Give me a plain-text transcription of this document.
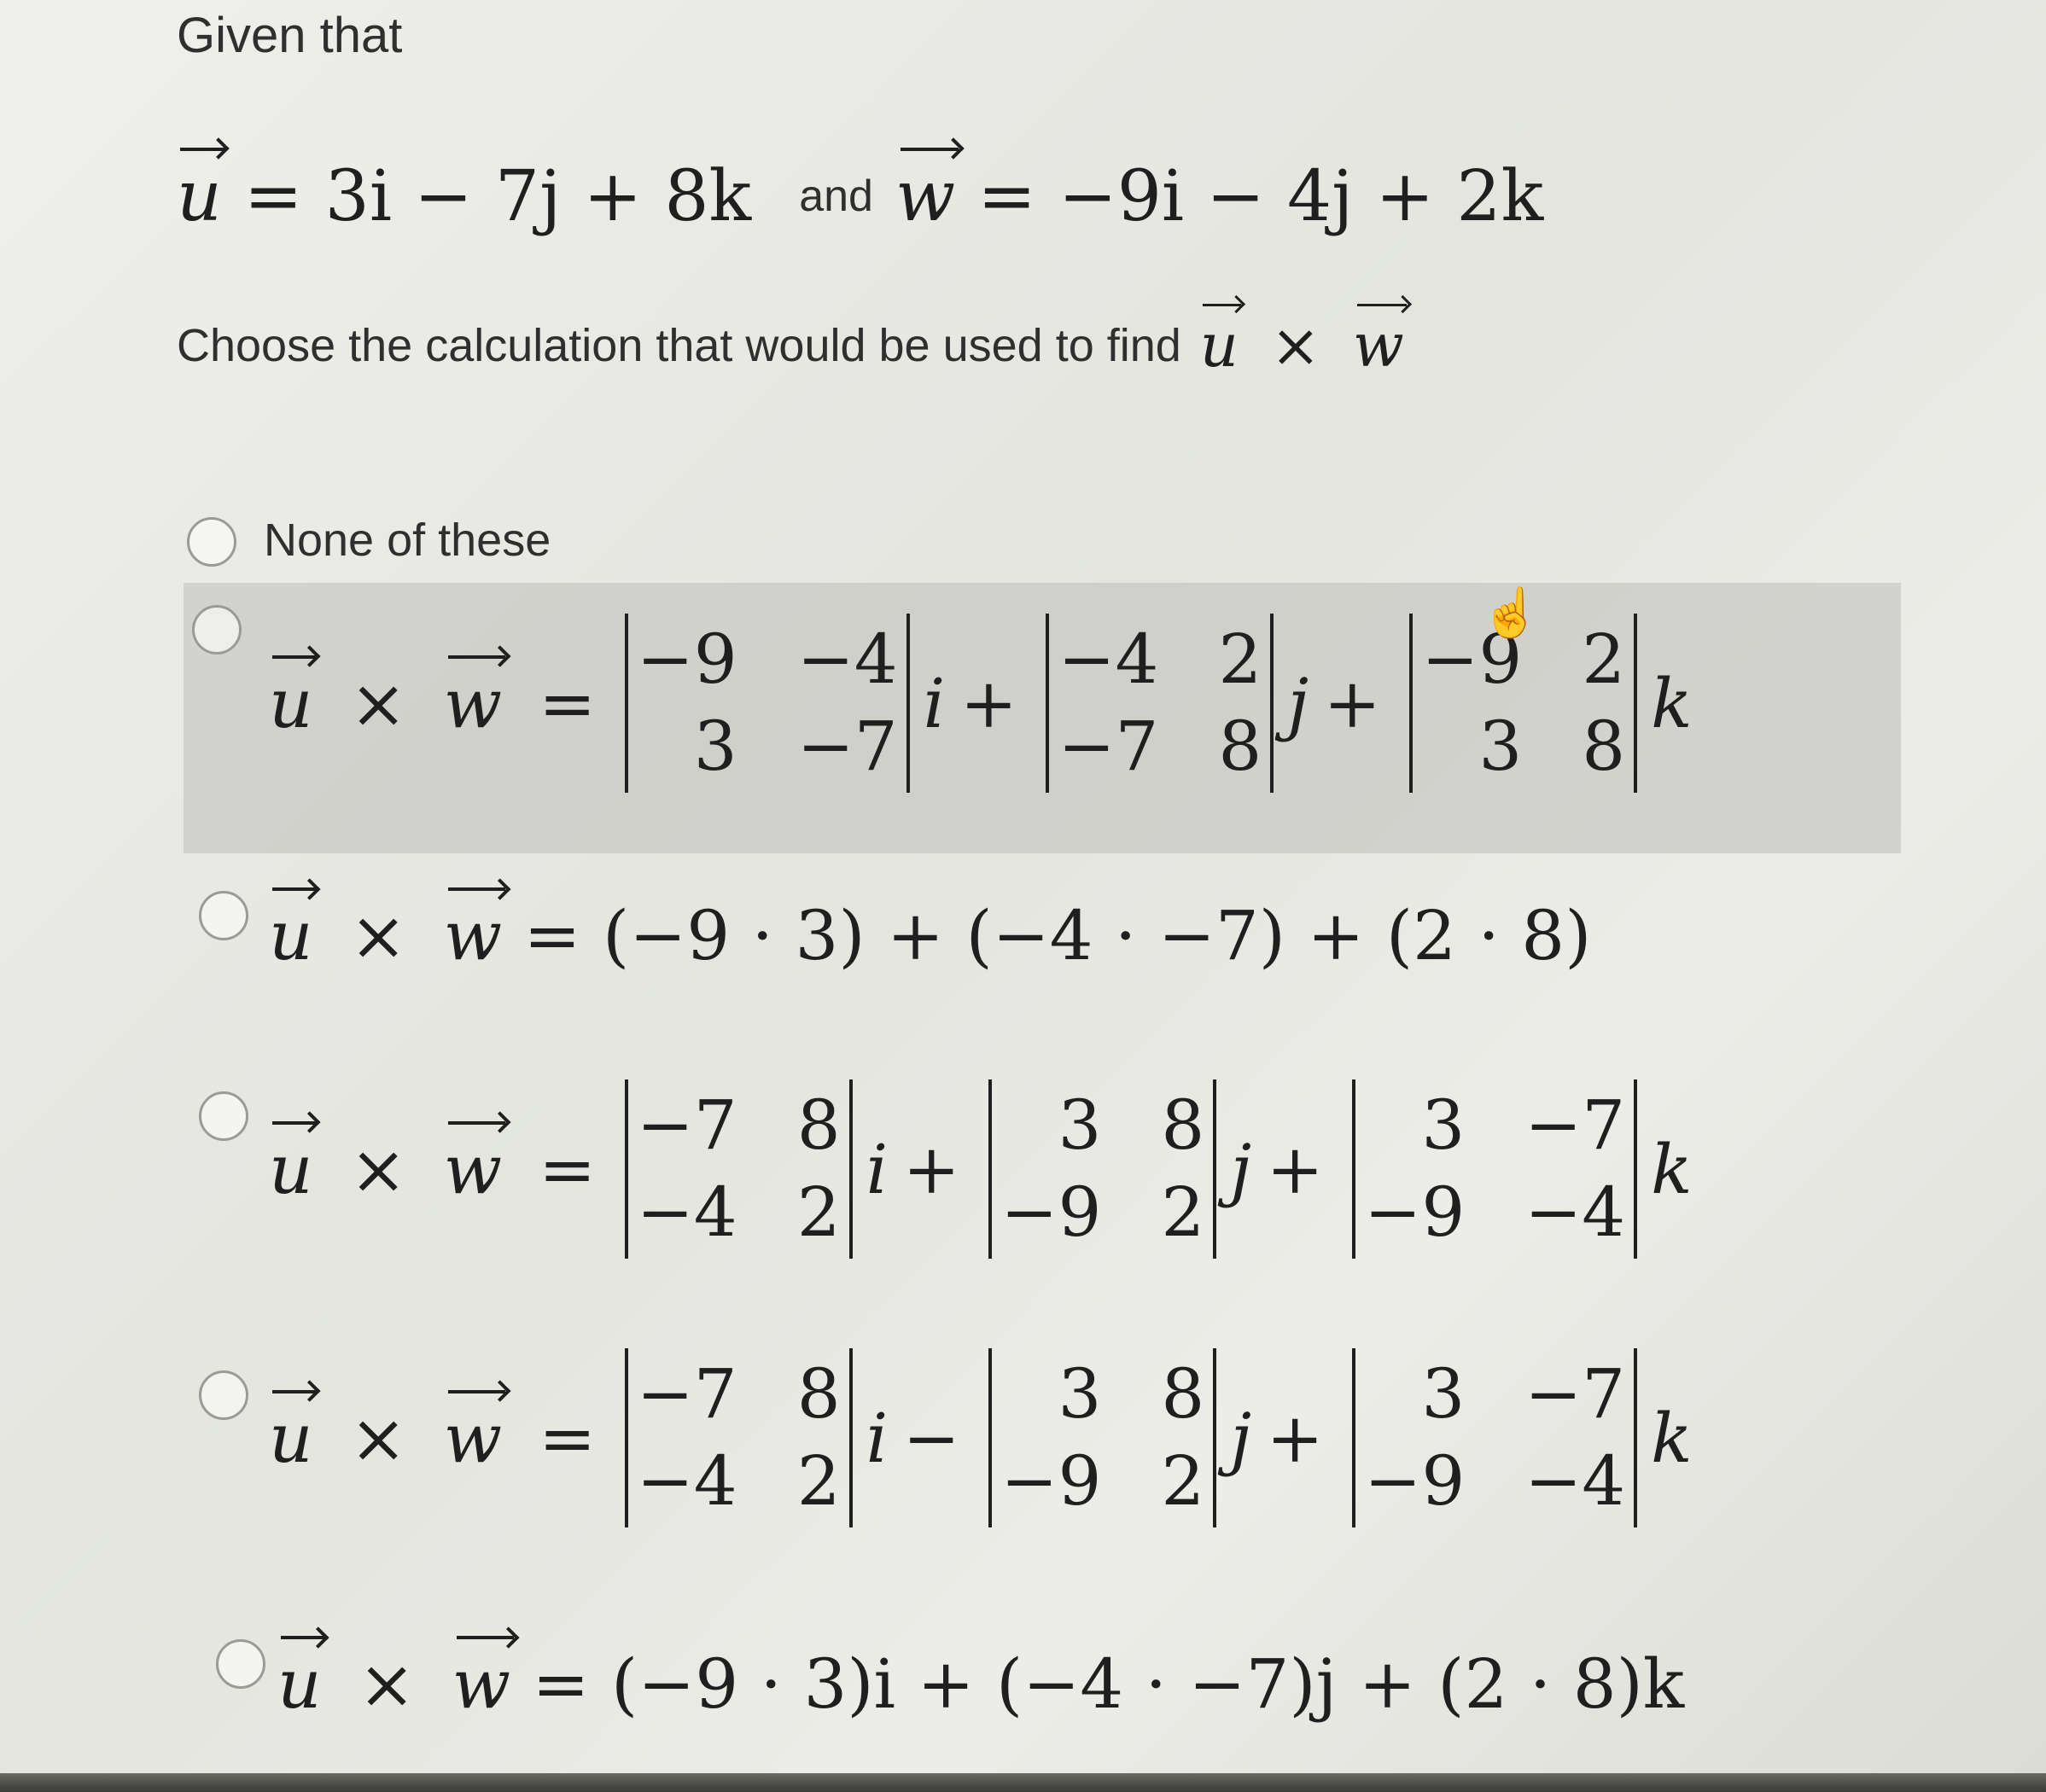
Given that
u = 3i − 7j + 8k and w = −9i − 4j + 2k
Choose the calculation that would be used to find u × w
None of these
u × w =
−9 −4
3 −7
i +
−4 2
−7 8
j +
−9 2
3 8
k
u × w = (−9 · 3) + (−4 · −7) + (2 · 8)
u × w =
−7 8
−4 2
i +
3 8
−9 2
j +
3 −7
−9 −4
k
u × w =
−7 8
−4 2
i −
3 8
−9 2
j +
3 −7
−9 −4
k
u × w = (−9 · 3)i + (−4 · −7)j + (2 · 8)k
☝
